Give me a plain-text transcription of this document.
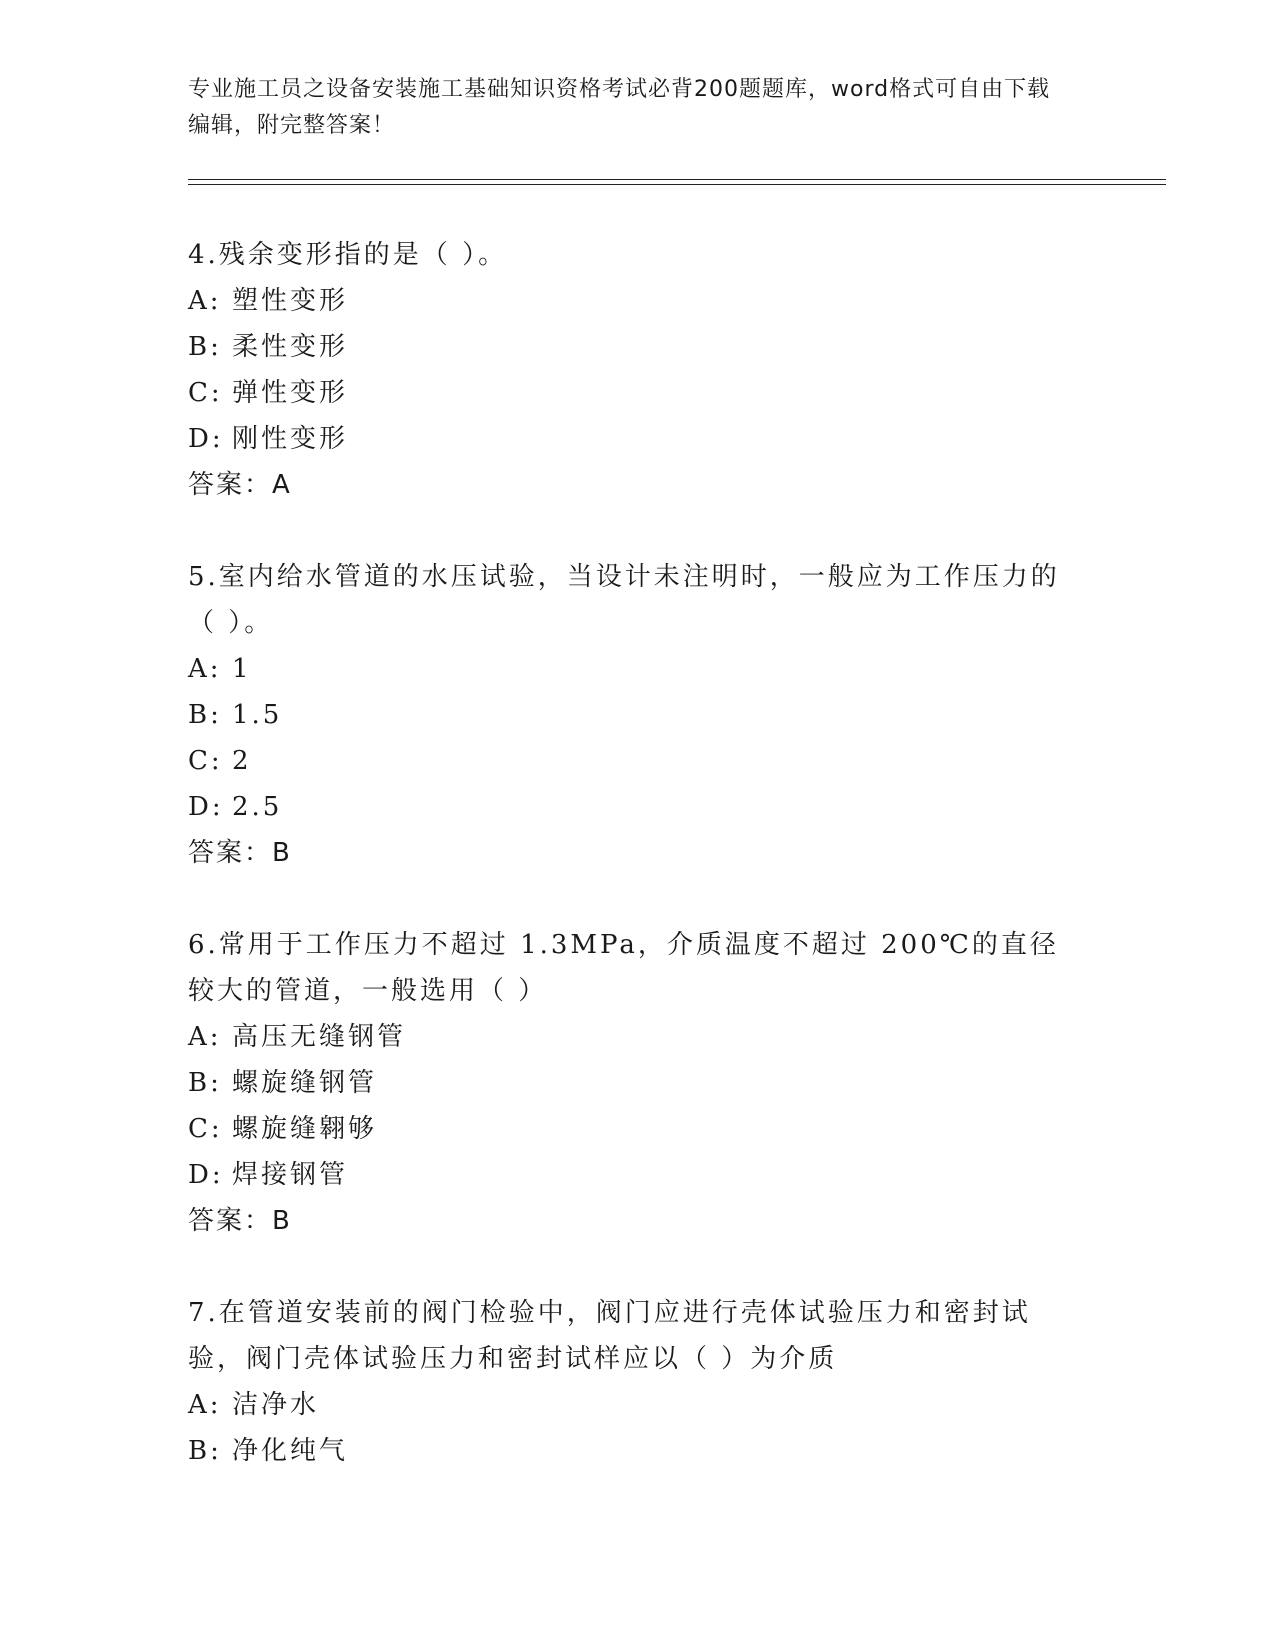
专业施工员之设备安装施工基础知识资格考试必背200题题库，word格式可自由下载编辑，附完整答案！
4.残余变形指的是（ ）。
A: 塑性变形
B: 柔性变形
C: 弹性变形
D: 刚性变形
答案：A
5.室内给水管道的水压试验，当设计未注明时，一般应为工作压力的（ ）。
A: 1
B: 1.5
C: 2
D: 2.5
答案：B
6.常用于工作压力不超过 1.3MPa，介质温度不超过 200℃的直径较大的管道，一般选用（ ）
A: 高压无缝钢管
B: 螺旋缝钢管
C: 螺旋缝翱够
D: 焊接钢管
答案：B
7.在管道安装前的阀门检验中，阀门应进行壳体试验压力和密封试验，阀门壳体试验压力和密封试样应以（ ）为介质
A: 洁净水
B: 净化纯气
